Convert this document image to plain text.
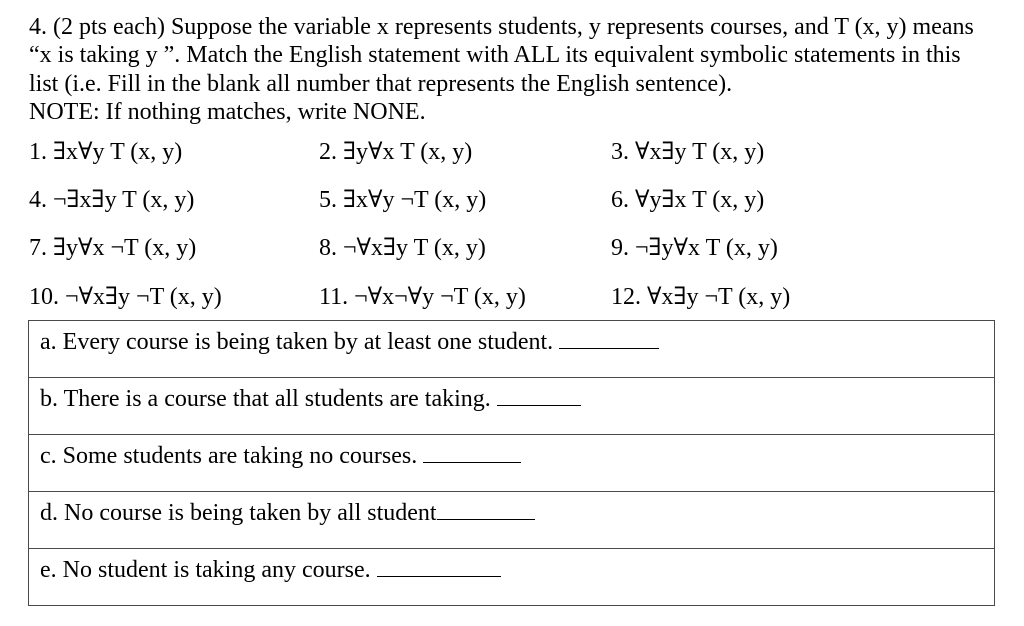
4. (2 pts each) Suppose the variable x represents students, y represents courses, and T (x, y) means
“x is taking y ”. Match the English statement with ALL its equivalent symbolic statements in this
list (i.e. Fill in the blank all number that represents the English sentence).
NOTE: If nothing matches, write NONE.
1. ∃x∀y T (x, y)	2. ∃y∀x T (x, y)	3. ∀x∃y T (x, y)
4. ¬∃x∃y T (x, y)	5. ∃x∀y ¬T (x, y)	6. ∀y∃x T (x, y)
7. ∃y∀x ¬T (x, y)	8. ¬∀x∃y T (x, y)	9. ¬∃y∀x T (x, y)
10. ¬∀x∃y ¬T (x, y)	11. ¬∀x¬∀y ¬T (x, y)	12. ∀x∃y ¬T (x, y)
a. Every course is being taken by at least one student.
b. There is a course that all students are taking.
c. Some students are taking no courses.
d. No course is being taken by all student
e. No student is taking any course.
